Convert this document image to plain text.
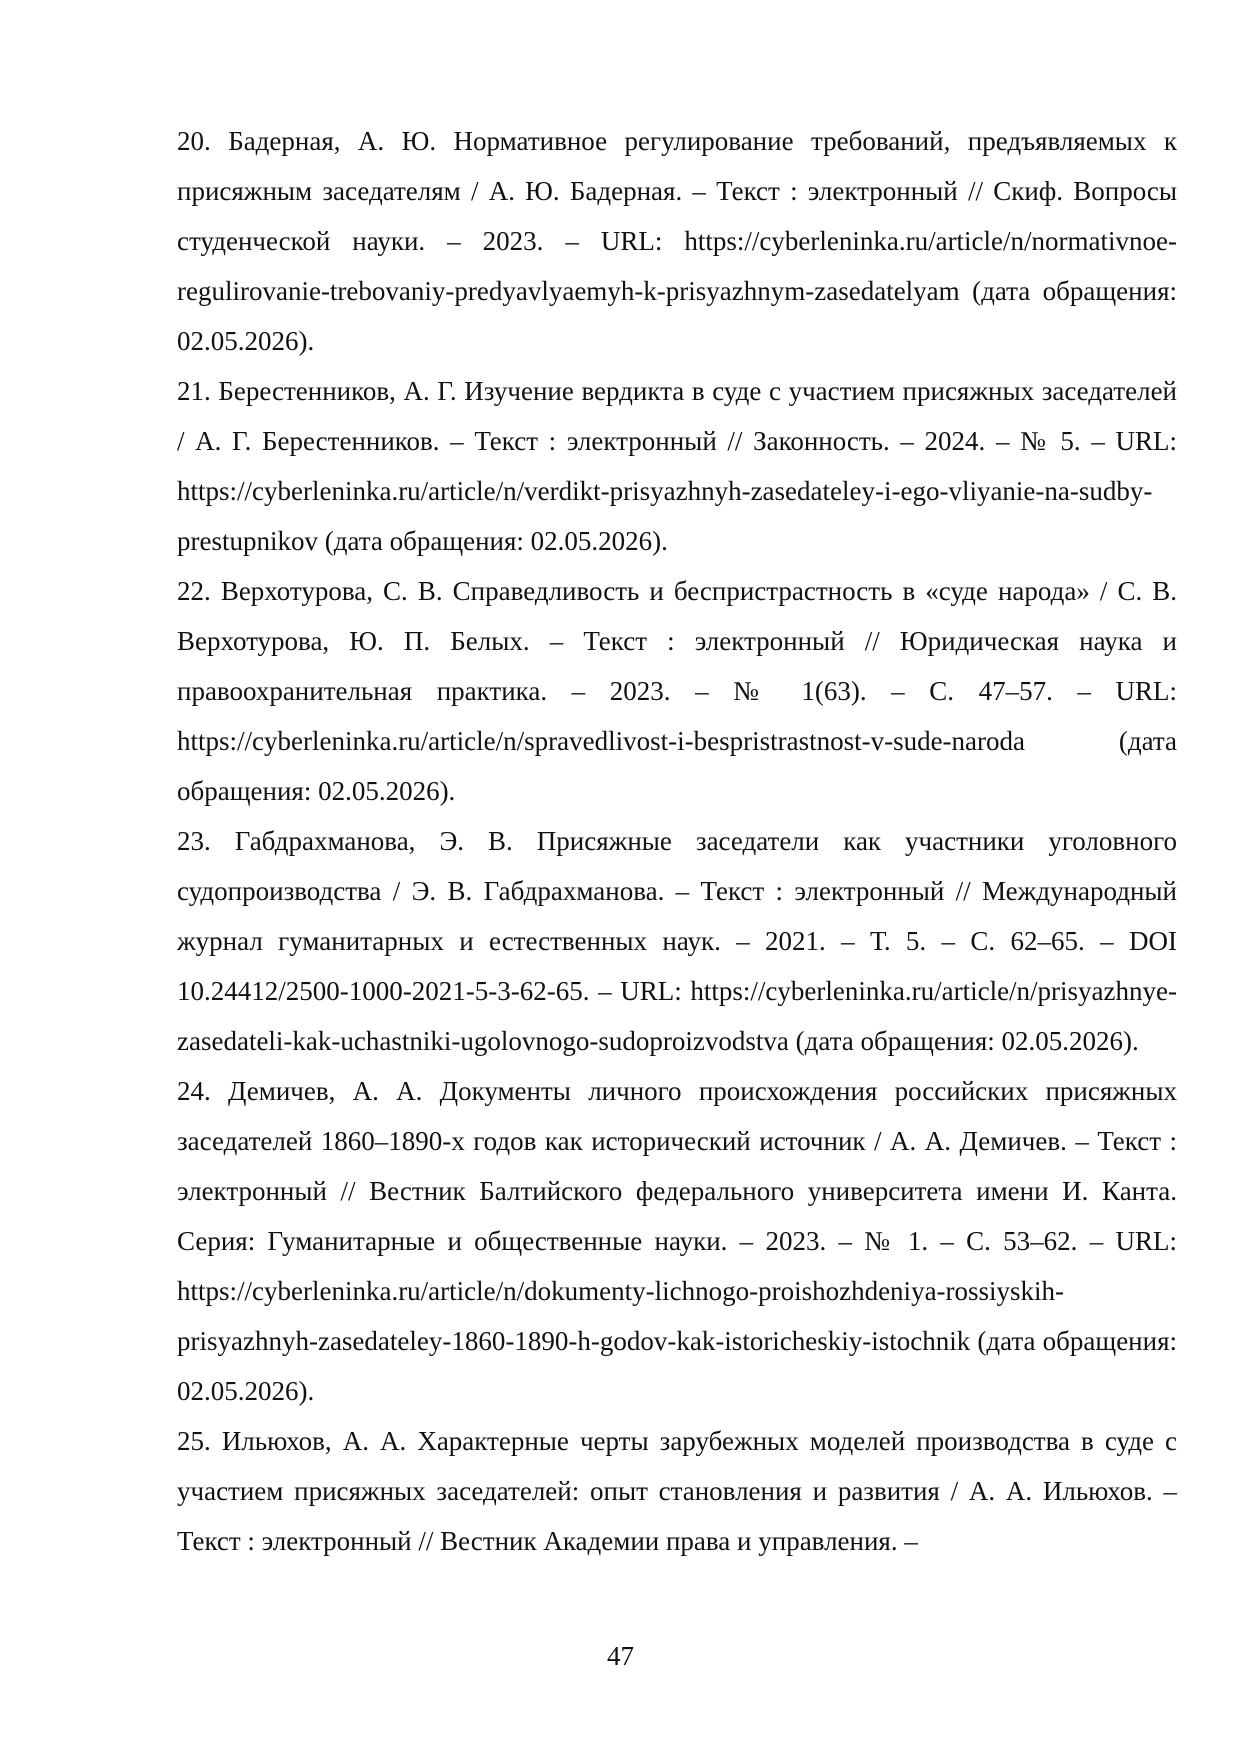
20. Бадерная, А. Ю. Нормативное регулирование требований, предъявляемых к присяжным заседателям / А. Ю. Бадерная. – Текст : электронный // Скиф. Вопросы студенческой науки. – 2023. – URL: https://cyberleninka.ru/article/n/normativnoe-regulirovanie-trebovaniy-predyavlyaemyh-k-prisyazhnym-zasedatelyam (дата обращения: 02.05.2026).

21. Берестенников, А. Г. Изучение вердикта в суде с участием присяжных заседателей / А. Г. Берестенников. – Текст : электронный // Законность. – 2024. – № 5. – URL: https://cyberleninka.ru/article/n/verdikt-prisyazhnyh-zasedateley-i-ego-vliyanie-na-sudby-prestupnikov (дата обращения: 02.05.2026).

22. Верхотурова, С. В. Справедливость и беспристрастность в «суде народа» / С. В. Верхотурова, Ю. П. Белых. – Текст : электронный // Юридическая наука и правоохранительная практика. – 2023. – № 1(63). – С. 47–57. – URL: https://cyberleninka.ru/article/n/spravedlivost-i-bespristrastnost-v-sude-naroda (дата обращения: 02.05.2026).

23. Габдрахманова, Э. В. Присяжные заседатели как участники уголовного судопроизводства / Э. В. Габдрахманова. – Текст : электронный // Международный журнал гуманитарных и естественных наук. – 2021. – Т. 5. – С. 62–65. – DOI 10.24412/2500-1000-2021-5-3-62-65. – URL: https://cyberleninka.ru/article/n/prisyazhnye-zasedateli-kak-uchastniki-ugolovnogo-sudoproizvodstva (дата обращения: 02.05.2026).

24. Демичев, А. А. Документы личного происхождения российских присяжных заседателей 1860–1890-х годов как исторический источник / А. А. Демичев. – Текст : электронный // Вестник Балтийского федерального университета имени И. Канта. Серия: Гуманитарные и общественные науки. – 2023. – № 1. – С. 53–62. – URL: https://cyberleninka.ru/article/n/dokumenty-lichnogo-proishozhdeniya-rossiyskih-prisyazhnyh-zasedateley-1860-1890-h-godov-kak-istoricheskiy-istochnik (дата обращения: 02.05.2026).

25. Ильюхов, А. А. Характерные черты зарубежных моделей производства в суде с участием присяжных заседателей: опыт становления и развития / А. А. Ильюхов. – Текст : электронный // Вестник Академии права и управления. –

47
